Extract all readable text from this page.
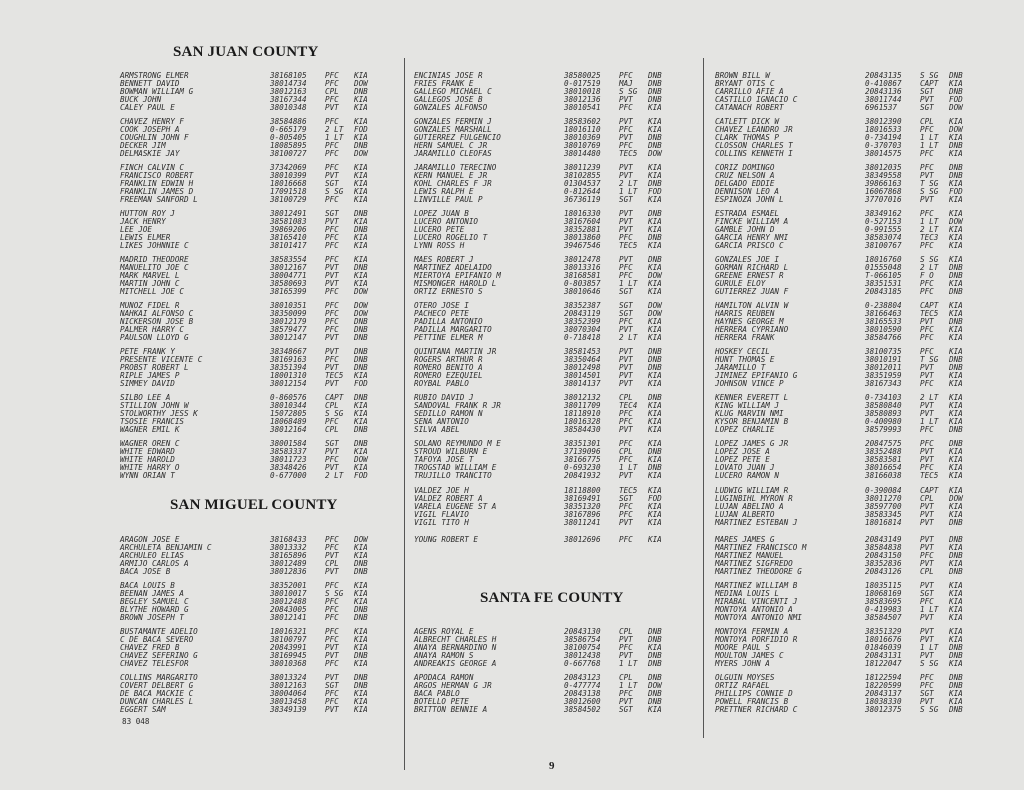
SAN JUAN COUNTY
SAN MIGUEL COUNTY
SANTA FE COUNTY
ARMSTRONG ELMER	38168105 PFC KIA
BENNETT DAVID	38014734 PFC DOW
BOWMAN WILLIAM G	38012163 CPL DNB
BUCK JOHN	38167344 PFC KIA
CALEY PAUL E	38010348 PVT KIA
CHAVEZ HENRY F	38584886 PFC KIA
COOK JOSEPH A	0-665179 2 LT FOD
COUGHLIN JOHN F	0-805405 1 LT KIA
DECKER JIM	18085895 PFC DNB
DELMASKIE JAY	38100727 PFC DOW
FINCH CALVIN C	37342069 PFC KIA
FRANCISCO ROBERT	38010399 PVT KIA
FRANKLIN EDWIN H	18016668 SGT KIA
FRANKLIN JAMES D	17091518 S SG KIA
FREEMAN SANFORD L	38100729 PFC KIA
HUTTON ROY J	38012491 SGT DNB
JACK HENRY	38581083 PVT KIA
LEE JOE	39869206 PFC DNB
LEWIS ELMER	38165410 PFC KIA
LIKES JOHNNIE C	38101417 PFC KIA
MADRID THEODORE	38583554 PFC KIA
MANUELITO JOE C	38012167 PVT DNB
MARK MARVEL L	38004771 PVT KIA
MARTIN JOHN C	38580693 PVT KIA
MITCHELL JOE C	38165399 PFC DOW
MUNOZ FIDEL R	38010351 PFC DOW
NAHKAI ALFONSO C	38350099 PFC DOW
NICKERSON JOSE B	38012179 PFC DNB
PALMER HARRY C	38579477 PFC DNB
PAULSON LLOYD G	38012147 PVT DNB
PETE FRANK Y	38348667 PVT DNB
PRESENTE VICENTE C	38169163 PFC DNB
PROBST ROBERT L	38351394 PVT DNB
RIPLE JAMES P	18001310 TEC5 KIA
SIMMEY DAVID	38012154 PVT FOD
SILBO LEE A	0-860576 CAPT DNB
STILLION JOHN W	38010344 CPL KIA
STOLWORTHY JESS K	15072805 S SG KIA
TSOSIE FRANCIS	18068489 PFC KIA
WAGNER EMIL K	38012164 CPL DNB
WAGNER OREN C	38001584 SGT DNB
WHITE EDWARD	38583337 PVT KIA
WHITE HAROLD	38011723 PFC DOW
WHITE HARRY O	38348426 PVT KIA
WYNN ORIAN T	0-677000 2 LT FOD
ARAGON JOSE E	38168433 PFC DOW
ARCHULETA BENJAMIN C	38013332 PFC KIA
ARCHULEO ELIAS	38165896 PVT KIA
ARMIJO CARLOS A	38012489 CPL DNB
BACA JOSE B	38012836 PVT DNB
BACA LOUIS B	38352001 PFC KIA
BEENAN JAMES A	38010017 S SG KIA
BEGLEY SAMUEL C	38012488 PFC KIA
BLYTHE HOWARD G	20843005 PFC DNB
BROWN JOSEPH T	38012141 PFC DNB
BUSTAMANTE ADELIO	18016321 PFC KIA
C DE BACA SEVERO	38100797 PFC KIA
CHAVEZ FRED B	20843991 PVT KIA
CHAVEZ SEFERINO G	38169945 PVT DNB
CHAVEZ TELESFOR	38010368 PFC KIA
COLLINS MARGARITO	38013324 PVT DNB
COVERT DELBERT G	38012163 SGT DNB
DE BACA MACKIE C	38004064 PFC KIA
DUNCAN CHARLES L	38013458 PFC KIA
EGGERT SAM	38349139 PVT KIA
ENCINIAS JOSE R	38580025 PFC DNB
FRIES FRANK E	0-017519 MAJ DNB
GALLEGO MICHAEL C	38010018 S SG DNB
GALLEGOS JOSE B	38012136 PVT DNB
GONZALES ALFONSO	38010541 PFC KIA
GONZALES FERMIN J	38583602 PVT KIA
GONZALES MARSHALL	18016110 PFC KIA
GUTIERREZ FULGENCIO	38010369 PVT DNB
HERN SAMUEL C JR	38010769 PFC DNB
JARAMILLO CLEOFAS	38014480 TEC5 DOW
JARAMILLO TERECINO	38011239 PVT KIA
KERN MANUEL E JR	38102855 PVT KIA
KOHL CHARLES F JR	01304537 2 LT DNB
LEWIS RALPH E	0-812644 1 LT FOD
LINVILLE PAUL P	36736119 SGT KIA
LOPEZ JUAN B	18016330 PVT DNB
LUCERO ANTONIO	38167604 PVT KIA
LUCERO PETE	38352881 PVT KIA
LUCERO ROGELIO T	38013860 PFC DNB
LYNN ROSS H	39467546 TEC5 KIA
MAES ROBERT J	38012478 PVT DNB
MARTINEZ ADELAIDO	38013316 PFC KIA
MIERTOYA EPIFANIO M	38168581 PFC DOW
MISMONGER HAROLD L	0-803857 1 LT KIA
ORTIZ ERNESTO S	38010646 SGT KIA
OTERO JOSE I	38352387 SGT DOW
PACHECO PETE	20843119 SGT DOW
PADILLA ANTONIO	38352399 PFC KIA
PADILLA MARGARITO	38070304 PVT KIA
PETTINE ELMER M	0-718418 2 LT KIA
QUINTANA MARTIN JR	38581453 PVT DNB
ROGERS ARTHUR R	38350464 PVT DNB
ROMERO BENITO A	38012498 PVT DNB
ROMERO EZEQUIEL	38014501 PVT KIA
ROYBAL PABLO	38014137 PVT KIA
RUBIO DAVID J	38012132 CPL DNB
SANDOVAL FRANK R JR	38011709 TEC4 KIA
SEDILLO RAMON N	18118910 PFC KIA
SENA ANTONIO	18016328 PFC KIA
SILVA ABEL	38584430 PVT KIA
SOLANO REYMUNDO M E	38351301 PFC KIA
STROUD WILBURN E	37139096 CPL DNB
TAFOYA JOSE T	38166775 PFC KIA
TROGSTAD WILLIAM E	0-693230 1 LT DNB
TRUJILLO TRANCITO	20841932 PVT KIA
VALDEZ JOE H	18118800 TEC5 KIA
VALDEZ ROBERT A	38169491 SGT FOD
VARELA EUGENE ST A	38351320 PFC KIA
VIGIL FLAVIO	38167896 PFC KIA
VIGIL TITO H	38011241 PVT KIA
YOUNG ROBERT E	38012696 PFC KIA
AGENS ROYAL E	20843130 CPL DNB
ALBRECHT CHARLES H	38586754 PVT DNB
ANAYA BERNARDINO N	38100754 PFC KIA
ANAYA RAMON S	38012438 PVT DNB
ANDREAKIS GEORGE A	0-667768 1 LT DNB
APODACA RAMON	20843123 CPL DNB
ARGOS HERMAN G JR	0-477774 1 LT DOW
BACA PABLO	20843138 PFC DNB
BOTELLO PETE	38012600 PVT DNB
BRITTON BENNIE A	38584502 SGT KIA
BROWN BILL W	20843135 S SG DNB
BRYANT OTIS C	0-410867 CAPT KIA
CARRILLO AFIE A	20843136 SGT DNB
CASTILLO IGNACIO C	38011744 PVT FOD
CATANACH ROBERT	6961537	SGT DOW
CATLETT DICK W	38012390 CPL KIA
CHAVEZ LEANDRO JR	18016533 PFC DOW
CLARK THOMAS P	0-734194 1 LT KIA
CLOSSON CHARLES T	0-370703 1 LT DNB
COLLINS KENNETH I	38014575 PFC KIA
CORIZ DOMINGO	38012035 PFC DNB
CRUZ NELSON A	38349558 PVT DNB
DELGADO EDDIE	39866163 T SG KIA
DENNISON LEO A	16067868 S SG FOD
ESPINOZA JOHN L	37707016 PVT KIA
ESTRADA ESMAEL	38349162 PFC KIA
FINCKE WILLIAM A	0-527153 1 LT DOW
GAMBLE JOHN D	0-991555 2 LT KIA
GARCIA HENRY NMI	38583074 TEC3 KIA
GARCIA PRISCO C	38100767 PFC KIA
GONZALES JOE I	18016760 S SG KIA
GORMAN RICHARD L	01555048 2 LT DNB
GREENE ERNEST R	T-066105 F O DNB
GURULE ELOY	38351531 PFC KIA
GUTIERREZ JUAN F	20843185 PFC DNB
HAMILTON ALVIN W	0-238804 CAPT KIA
HARRIS REUBEN	38166463 TEC5 KIA
HAYNES GEORGE M	38165533 PVT DNB
HERRERA CYPRIANO	38010590 PFC KIA
HERRERA FRANK	38584766 PFC KIA
HOSKEY CECIL	38100735 PFC KIA
HUNT THOMAS E	38010191 T SG DNB
JARAMILLO T	38012011 PVT DNB
JIMINEZ EPIFANIO G	38351959 PVT KIA
JOHNSON VINCE P	38167343 PFC KIA
KENNER EVERETT L	0-734103 2 LT KIA
KING WILLIAM J	38580840 PVT KIA
KLUG MARVIN NMI	38580893 PVT KIA
KYSOR BENJAMIN B	0-400980 1 LT KIA
LOPEZ CHARLIE	38579993 PFC DNB
LOPEZ JAMES G JR	20847575 PFC DNB
LOPEZ JOSE A	38352488 PVT KIA
LOPEZ PETE E	38583581 PVT KIA
LOVATO JUAN J	38016654 PFC KIA
LUCERO RAMON N	38166038 TEC5 KIA
LUDWIG WILLIAM R	0-390084 CAPT KIA
LUGINBIHL MYRON R	38011270 CPL DOW
LUJAN ABELINO A	38597700 PVT KIA
LUJAN ALBERTO	38583345 PVT KIA
MARTINEZ ESTEBAN J	18016814 PVT DNB
MARES JAMES G	20843149 PVT DNB
MARTINEZ FRANCISCO M	38584838 PVT KIA
MARTINEZ MANUEL	20843150 PFC DNB
MARTINEZ SIGFREDO	38352836 PVT KIA
MARTINEZ THEODORE G	20843126 CPL DNB
MARTINEZ WILLIAM B	18035115 PVT KIA
MEDINA LOUIS L	18068169 SGT KIA
MIRABAL VINCENTI J	38583695 PFC KIA
MONTOYA ANTONIO A	0-419983 1 LT KIA
MONTOYA ANTONIO NMI	38584507 PVT KIA
MONTOYA FERMIN A	38351329 PVT KIA
MONTOYA PORFIDIO R	18016676 PVT KIA
MOORE PAUL S	01846039 1 LT DNB
MOULTON JAMES C	20843131 PVT DNB
MYERS JOHN A	18122047 S SG KIA
OLGUIN MOYSES	18122594 PFC DNB
ORTIZ RAFAEL	18220599 PFC DNB
PHILLIPS CONNIE D	20843137 SGT KIA
POWELL FRANCIS B	18038330 PVT KIA
PRETTNER RICHARD C	38012375 S SG DNB
83 048
9
